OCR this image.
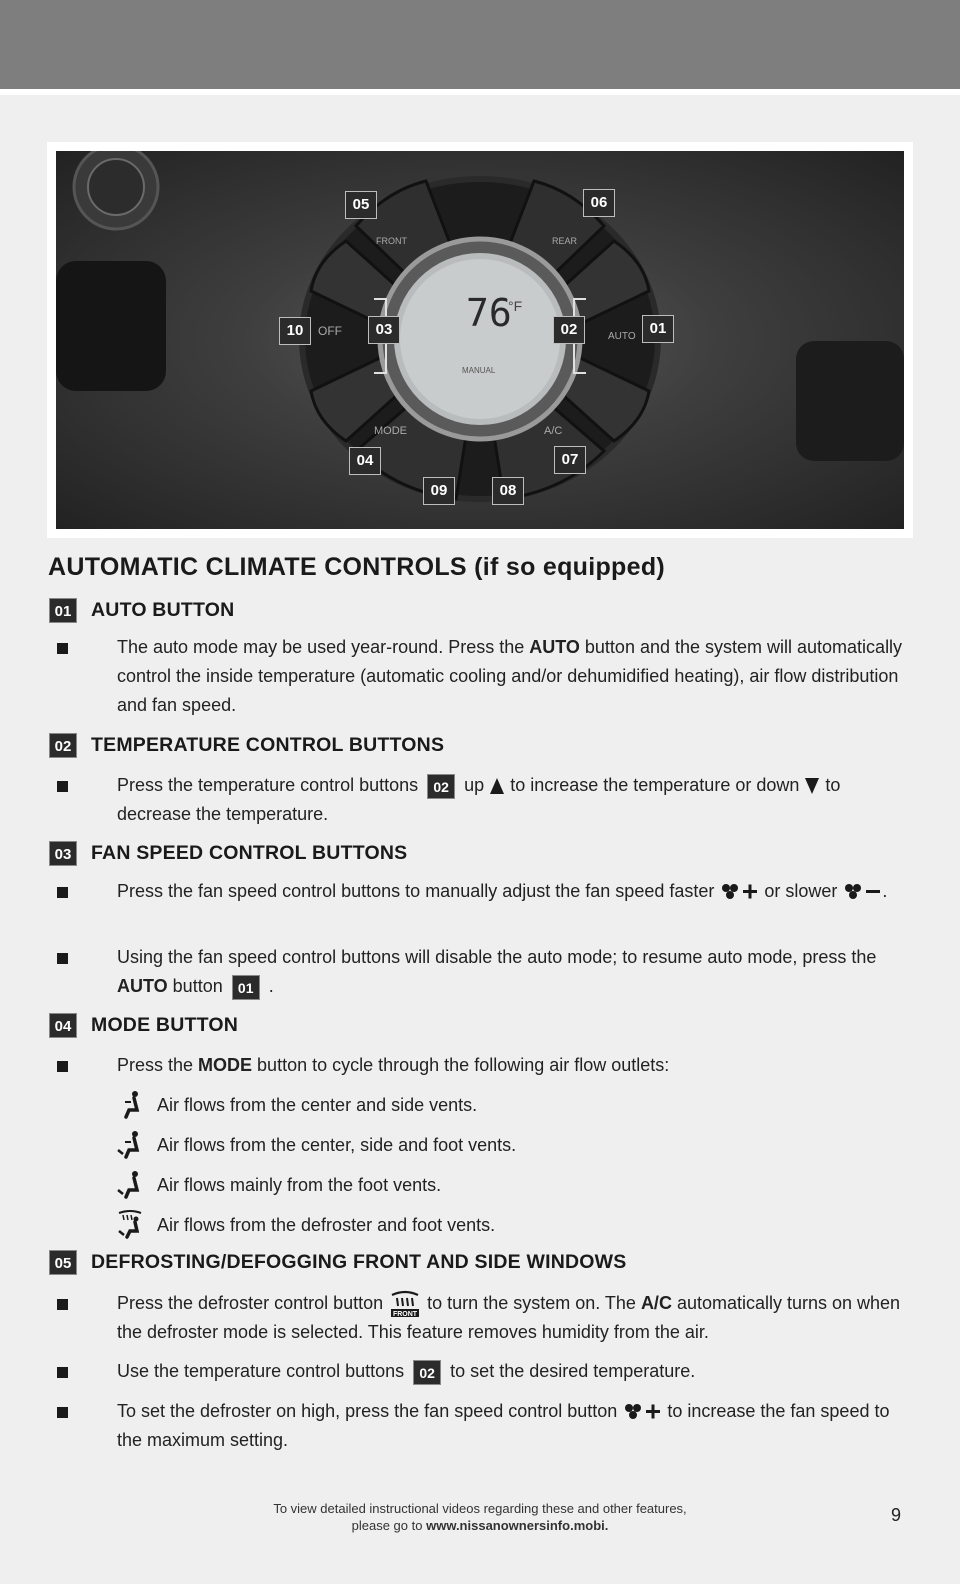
76
°F
MANUAL
FRONT	REAR
OFF	AUTO
MODE	A/C
05	06
10	03	02	01
04	07
09	08
AUTOMATIC CLIMATE CONTROLS (if so equipped)
01 AUTO BUTTON
The auto mode may be used year-round. Press the AUTO button and the system will automatically control the inside temperature (automatic cooling and/or dehumidified heating), air flow distribution and fan speed.
02 TEMPERATURE CONTROL BUTTONS
Press the temperature control buttons 02 up  to increase the temperature or down  to decrease the temperature.
03 FAN SPEED CONTROL BUTTONS
Press the fan speed control buttons to manually adjust the fan speed faster  or slower .
Using the fan speed control buttons will disable the auto mode; to resume auto mode, press the AUTO button 01 .
04 MODE BUTTON
Press the MODE button to cycle through the following air flow outlets:
Air flows from the center and side vents.
Air flows from the center, side and foot vents.
Air flows mainly from the foot vents.
Air flows from the defroster and foot vents.
05 DEFROSTING/DEFOGGING FRONT AND SIDE WINDOWS
Press the defroster control button
FRONT
to turn the system on. The A/C automatically turns on when the defroster mode is selected. This feature removes humidity from the air.
Use the temperature control buttons 02 to set the desired temperature.
To set the defroster on high, press the fan speed control button  to increase the fan speed to the maximum setting.
To view detailed instructional videos regarding these and other features,
please go to www.nissanownersinfo.mobi.
9
